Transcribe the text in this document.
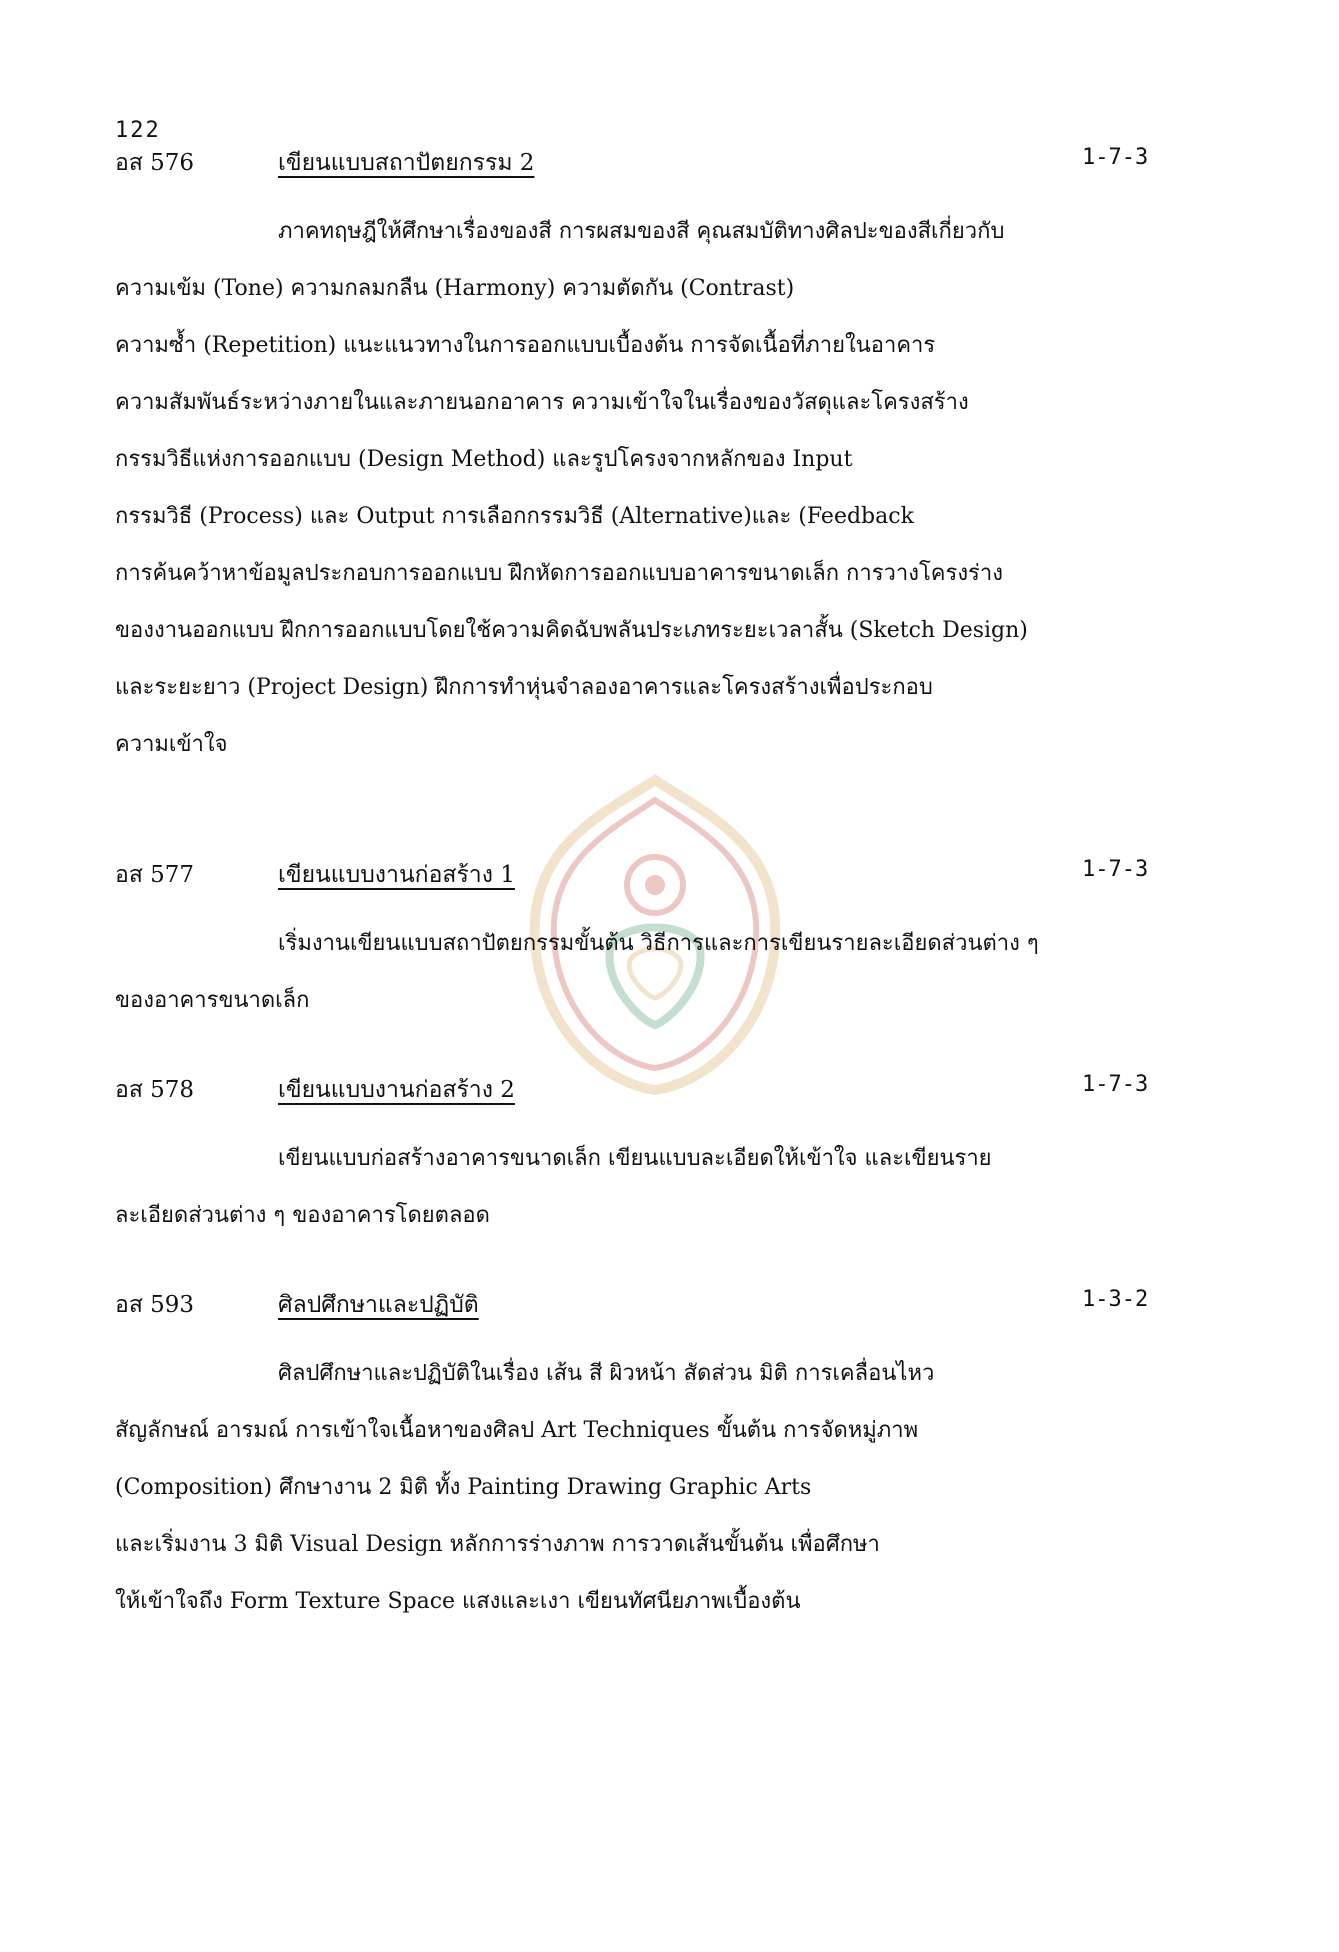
122
อส 576	เขียนแบบสถาปัตยกรรม 2	1-7-3
ภาคทฤษฎีให้ศึกษาเรื่องของสี การผสมของสี คุณสมบัติทางศิลปะของสีเกี่ยวกับ
ความเข้ม (Tone) ความกลมกลืน (Harmony) ความตัดกัน (Contrast)
ความซ้ำ (Repetition) แนะแนวทางในการออกแบบเบื้องต้น การจัดเนื้อที่ภายในอาคาร
ความสัมพันธ์ระหว่างภายในและภายนอกอาคาร ความเข้าใจในเรื่องของวัสดุและโครงสร้าง
กรรมวิธีแห่งการออกแบบ (Design Method) และรูปโครงจากหลักของ Input
กรรมวิธี (Process) และ Output การเลือกกรรมวิธี (Alternative)และ (Feedback
การค้นคว้าหาข้อมูลประกอบการออกแบบ ฝึกหัดการออกแบบอาคารขนาดเล็ก การวางโครงร่าง
ของงานออกแบบ ฝึกการออกแบบโดยใช้ความคิดฉับพลันประเภทระยะเวลาสั้น (Sketch Design)
และระยะยาว (Project Design) ฝึกการทำหุ่นจำลองอาคารและโครงสร้างเพื่อประกอบ
ความเข้าใจ
อส 577	เขียนแบบงานก่อสร้าง 1	1-7-3
เริ่มงานเขียนแบบสถาปัตยกรรมขั้นต้น วิธีการและการเขียนรายละเอียดส่วนต่าง ๆ
ของอาคารขนาดเล็ก
อส 578	เขียนแบบงานก่อสร้าง 2	1-7-3
เขียนแบบก่อสร้างอาคารขนาดเล็ก เขียนแบบละเอียดให้เข้าใจ และเขียนราย
ละเอียดส่วนต่าง ๆ ของอาคารโดยตลอด
อส 593	ศิลปศึกษาและปฏิบัติ	1-3-2
ศิลปศึกษาและปฏิบัติในเรื่อง เส้น สี ผิวหน้า สัดส่วน มิติ การเคลื่อนไหว
สัญลักษณ์ อารมณ์ การเข้าใจเนื้อหาของศิลป Art Techniques ขั้นต้น การจัดหมู่ภาพ
(Composition) ศึกษางาน 2 มิติ ทั้ง Painting Drawing Graphic Arts
และเริ่มงาน 3 มิติ Visual Design หลักการร่างภาพ การวาดเส้นขั้นต้น เพื่อศึกษา
ให้เข้าใจถึง Form Texture Space แสงและเงา เขียนทัศนียภาพเบื้องต้น
